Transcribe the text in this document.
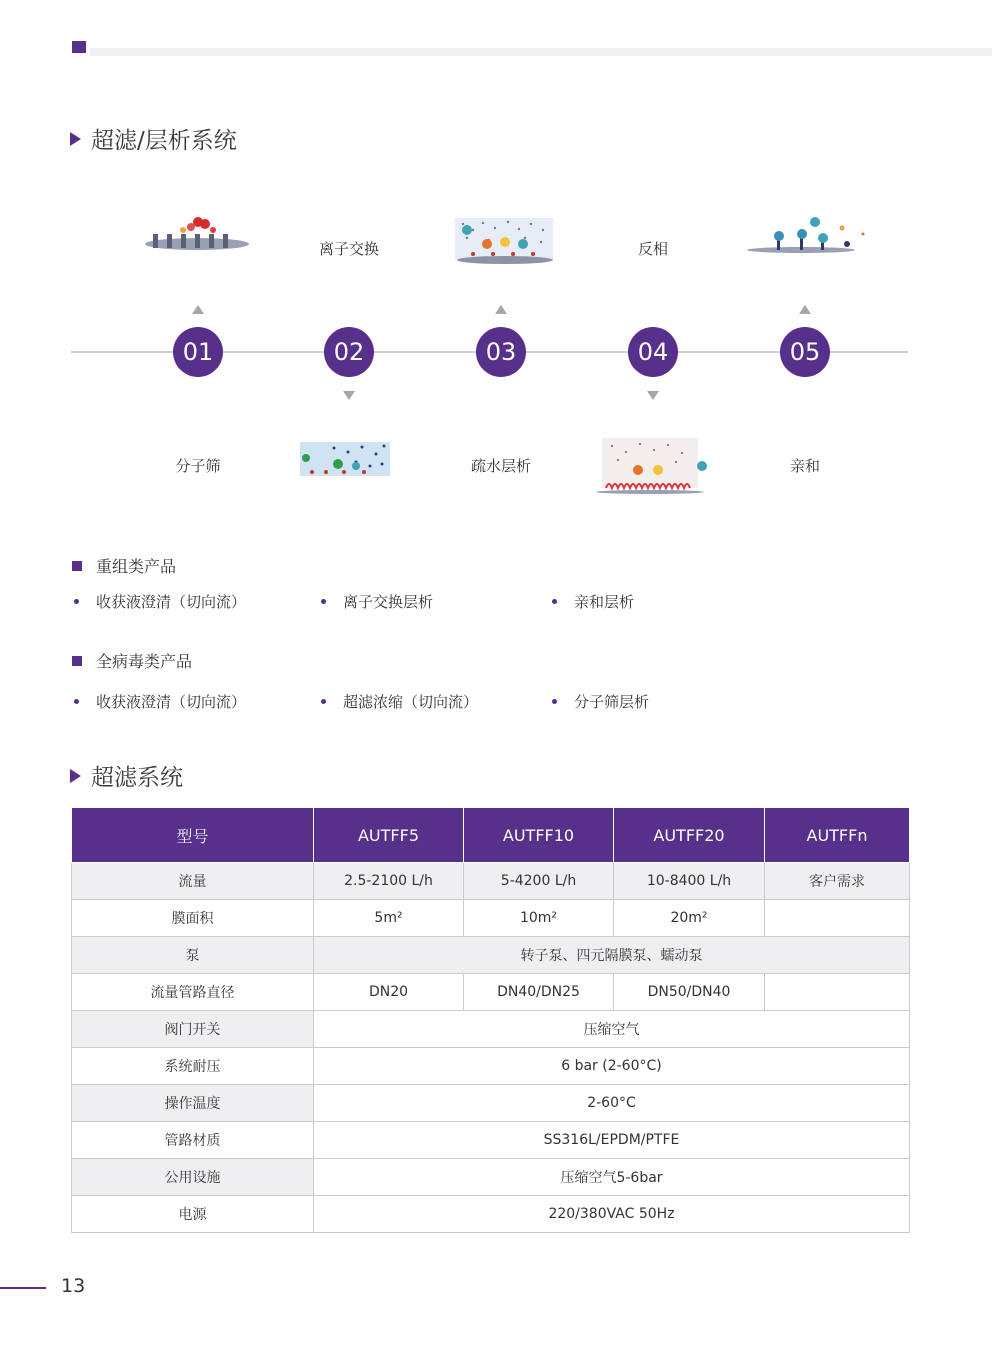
超滤/层析系统
01	02	03	04	05
分子筛
离子交换
疏水层析
反相
亲和
重组类产品
收获液澄清（切向流）	离子交换层析	亲和层析
全病毒类产品
收获液澄清（切向流）	超滤浓缩（切向流）	分子筛层析
超滤系统
型号	AUTFF5	AUTFF10	AUTFF20	AUTFFn
流量	2.5-2100 L/h	5-4200 L/h	10-8400 L/h	客户需求
膜面积	5m²	10m²	20m²	
泵	转子泵、四元隔膜泵、蠕动泵			
流量管路直径	DN20	DN40/DN25	DN50/DN40	
阀门开关	压缩空气			
系统耐压	6 bar (2-60°C)			
操作温度	2-60°C			
管路材质	SS316L/EPDM/PTFE			
公用设施	压缩空气5-6bar			
电源	220/380VAC 50Hz			
13
